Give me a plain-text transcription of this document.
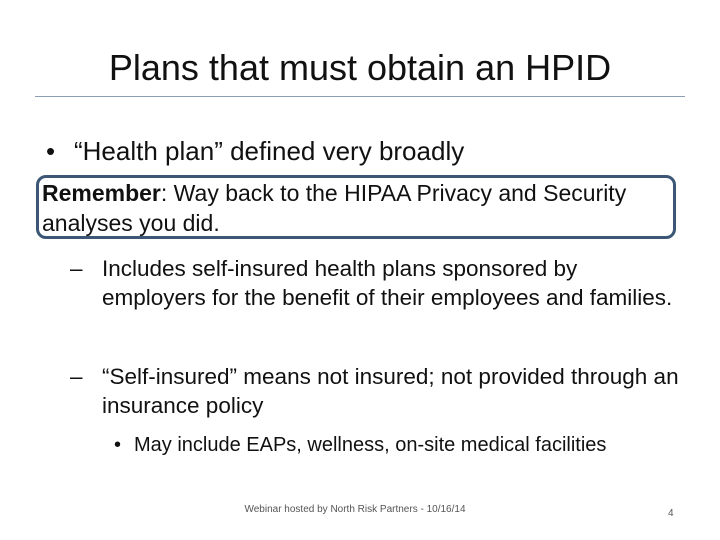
Plans that must obtain an HPID
• “Health plan” defined very broadly
Remember: Way back to the HIPAA Privacy and Security analyses you did.
– Includes self-insured health plans sponsored by employers for the benefit of their employees and families.
– “Self-insured” means not insured; not provided through an insurance policy
• May include EAPs, wellness, on-site medical facilities
Webinar hosted by North Risk Partners - 10/16/14	4
